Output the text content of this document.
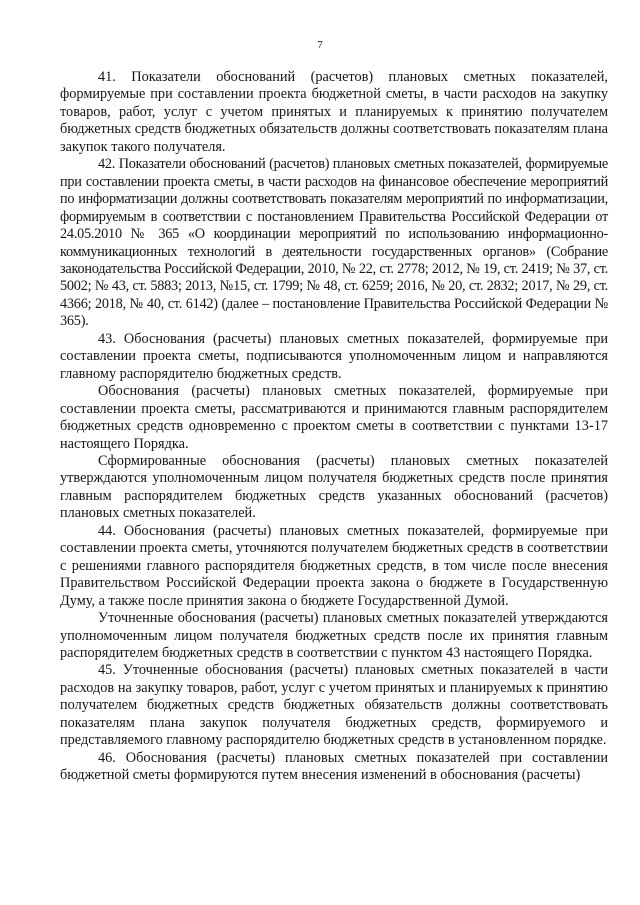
7

41. Показатели обоснований (расчетов) плановых сметных показателей, формируемые при составлении проекта бюджетной сметы, в части расходов на закупку товаров, работ, услуг с учетом принятых и планируемых к принятию получателем бюджетных средств бюджетных обязательств должны соответствовать показателям плана закупок такого получателя.

42. Показатели обоснований (расчетов) плановых сметных показателей, формируемые при составлении проекта сметы, в части расходов на финансовое обеспечение мероприятий по информатизации должны соответствовать показателям мероприятий по информатизации, формируемым в соответствии с постановлением Правительства Российской Федерации от 24.05.2010 № 365 «О координации мероприятий по использованию информационно-коммуникационных технологий в деятельности государственных органов» (Собрание законодательства Российской Федерации, 2010, № 22, ст. 2778; 2012, № 19, ст. 2419; № 37, ст. 5002; № 43, ст. 5883; 2013, №15, ст. 1799; № 48, ст. 6259; 2016, № 20, ст. 2832; 2017, № 29, ст. 4366; 2018, № 40, ст. 6142) (далее – постановление Правительства Российской Федерации № 365).

43. Обоснования (расчеты) плановых сметных показателей, формируемые при составлении проекта сметы, подписываются уполномоченным лицом и направляются главному распорядителю бюджетных средств.

Обоснования (расчеты) плановых сметных показателей, формируемые при составлении проекта сметы, рассматриваются и принимаются главным распорядителем бюджетных средств одновременно с проектом сметы в соответствии с пунктами 13-17 настоящего Порядка.

Сформированные обоснования (расчеты) плановых сметных показателей утверждаются уполномоченным лицом получателя бюджетных средств после принятия главным распорядителем бюджетных средств указанных обоснований (расчетов) плановых сметных показателей.

44. Обоснования (расчеты) плановых сметных показателей, формируемые при составлении проекта сметы, уточняются получателем бюджетных средств в соответствии с решениями главного распорядителя бюджетных средств, в том числе после внесения Правительством Российской Федерации проекта закона о бюджете в Государственную Думу, а также после принятия закона о бюджете Государственной Думой.

Уточненные обоснования (расчеты) плановых сметных показателей утверждаются уполномоченным лицом получателя бюджетных средств после их принятия главным распорядителем бюджетных средств в соответствии с пунктом 43 настоящего Порядка.

45. Уточненные обоснования (расчеты) плановых сметных показателей в части расходов на закупку товаров, работ, услуг с учетом принятых и планируемых к принятию получателем бюджетных средств бюджетных обязательств должны соответствовать показателям плана закупок получателя бюджетных средств, формируемого и представляемого главному распорядителю бюджетных средств в установленном порядке.

46. Обоснования (расчеты) плановых сметных показателей при составлении бюджетной сметы формируются путем внесения изменений в обоснования (расчеты)
